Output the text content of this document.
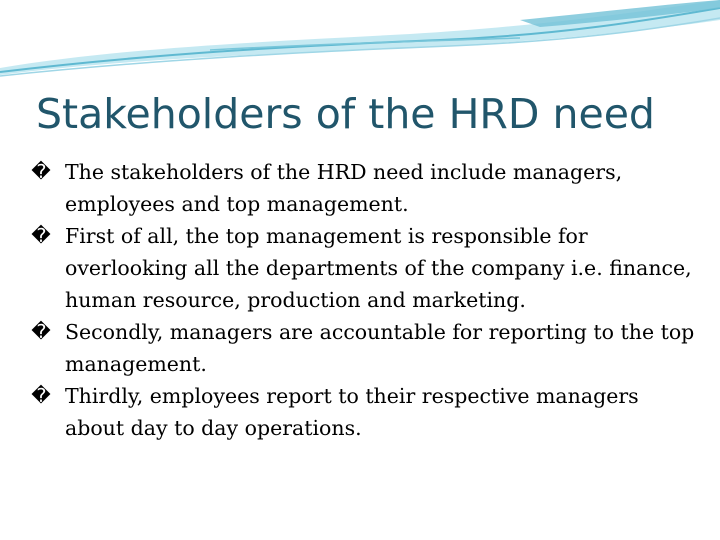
Stakeholders of the HRD need
� The stakeholders of the HRD need include managers, employees and top management.
� First of all, the top management is responsible for overlooking all the departments of the company i.e. finance, human resource, production and marketing.
� Secondly, managers are accountable for reporting to the top management.
� Thirdly, employees report to their respective managers about day to day operations.
